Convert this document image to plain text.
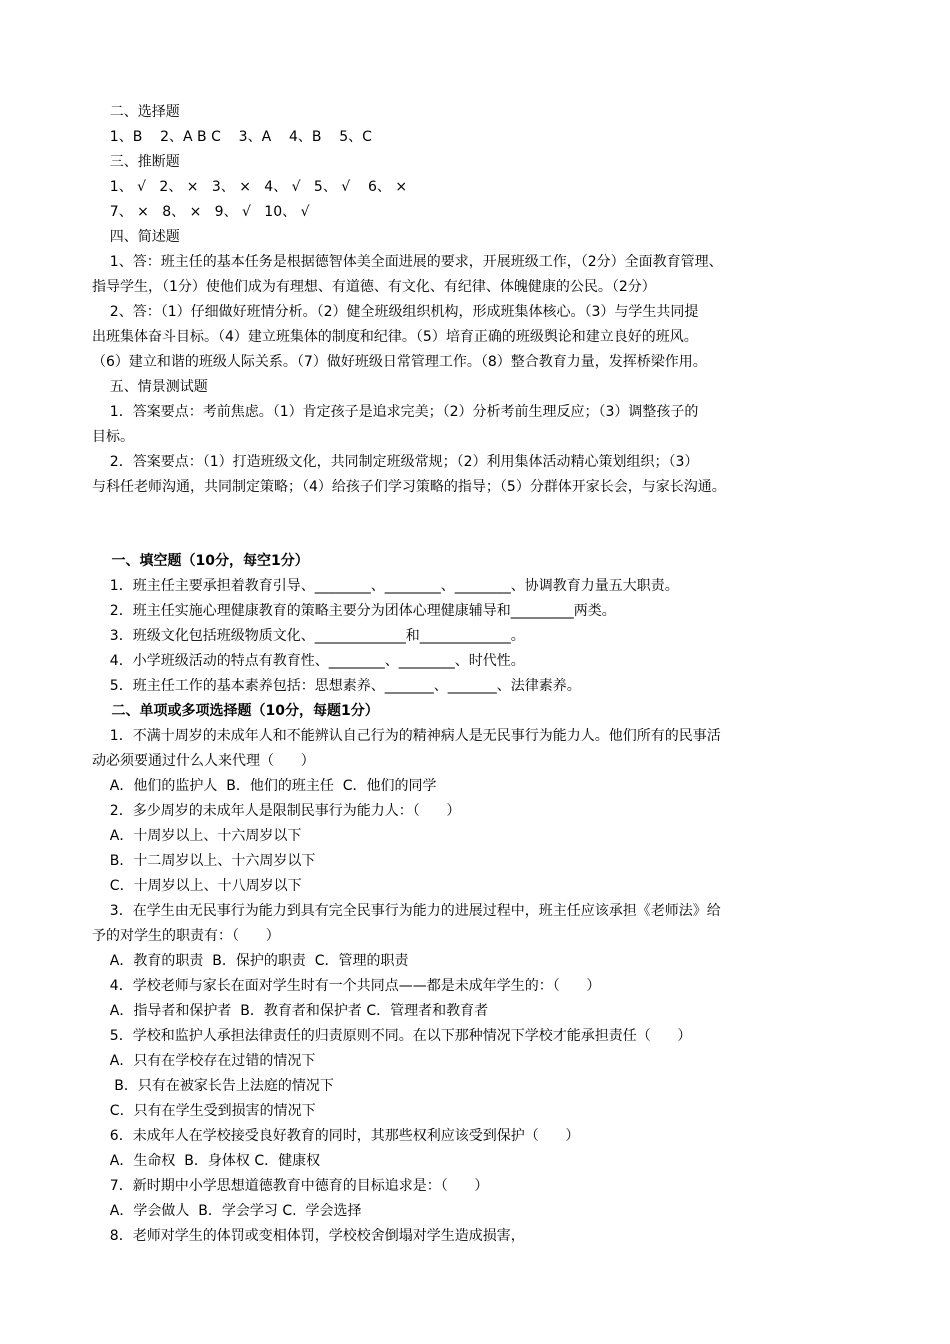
二、选择题
1、B    2、A B C    3、A    4、B    5、C
三、推断题
1、 √   2、 ×   3、 ×   4、 √   5、 √    6、 ×
7、 ×   8、 ×   9、 √   10、 √
四、简述题
1、答：班主任的基本任务是根据德智体美全面进展的要求，开展班级工作，（2分）全面教育管理、
指导学生，（1分）使他们成为有理想、有道德、有文化、有纪律、体魄健康的公民。（2分）
2、答：（1）仔细做好班情分析。（2）健全班级组织机构，形成班集体核心。（3）与学生共同提
出班集体奋斗目标。（4）建立班集体的制度和纪律。（5）培育正确的班级舆论和建立良好的班风。
（6）建立和谐的班级人际关系。（7）做好班级日常管理工作。（8）整合教育力量，发挥桥梁作用。
五、情景测试题
1．答案要点：考前焦虑。（1）肯定孩子是追求完美；（2）分析考前生理反应；（3）调整孩子的
目标。
2．答案要点：（1）打造班级文化，共同制定班级常规；（2）利用集体活动精心策划组织；（3）
与科任老师沟通，共同制定策略；（4）给孩子们学习策略的指导；（5）分群体开家长会，与家长沟通。
一、填空题（10分，每空1分）
1．班主任主要承担着教育引导、________、________、________、协调教育力量五大职责。
2．班主任实施心理健康教育的策略主要分为团体心理健康辅导和_________两类。
3．班级文化包括班级物质文化、_____________和_____________。
4．小学班级活动的特点有教育性、________、________、时代性。
5．班主任工作的基本素养包括：思想素养、_______、_______、法律素养。
二、单项或多项选择题（10分，每题1分）
1．不满十周岁的未成年人和不能辨认自己行为的精神病人是无民事行为能力人。他们所有的民事活
动必须要通过什么人来代理（      ）
A．他们的监护人  B．他们的班主任  C．他们的同学
2．多少周岁的未成年人是限制民事行为能力人：（      ）
A．十周岁以上、十六周岁以下
B．十二周岁以上、十六周岁以下
C．十周岁以上、十八周岁以下
3．在学生由无民事行为能力到具有完全民事行为能力的进展过程中，班主任应该承担《老师法》给
予的对学生的职责有：（      ）
A．教育的职责  B．保护的职责  C．管理的职责
4．学校老师与家长在面对学生时有一个共同点——都是未成年学生的：（      ）
A．指导者和保护者  B．教育者和保护者 C．管理者和教育者
5．学校和监护人承担法律责任的归责原则不同。在以下那种情况下学校才能承担责任（      ）
A．只有在学校存在过错的情况下
B．只有在被家长告上法庭的情况下
C．只有在学生受到损害的情况下
6．未成年人在学校接受良好教育的同时，其那些权利应该受到保护（      ）
A．生命权  B．身体权 C．健康权
7．新时期中小学思想道德教育中德育的目标追求是：（      ）
A．学会做人  B．学会学习 C.  学会选择
8．老师对学生的体罚或变相体罚，学校校舍倒塌对学生造成损害，
